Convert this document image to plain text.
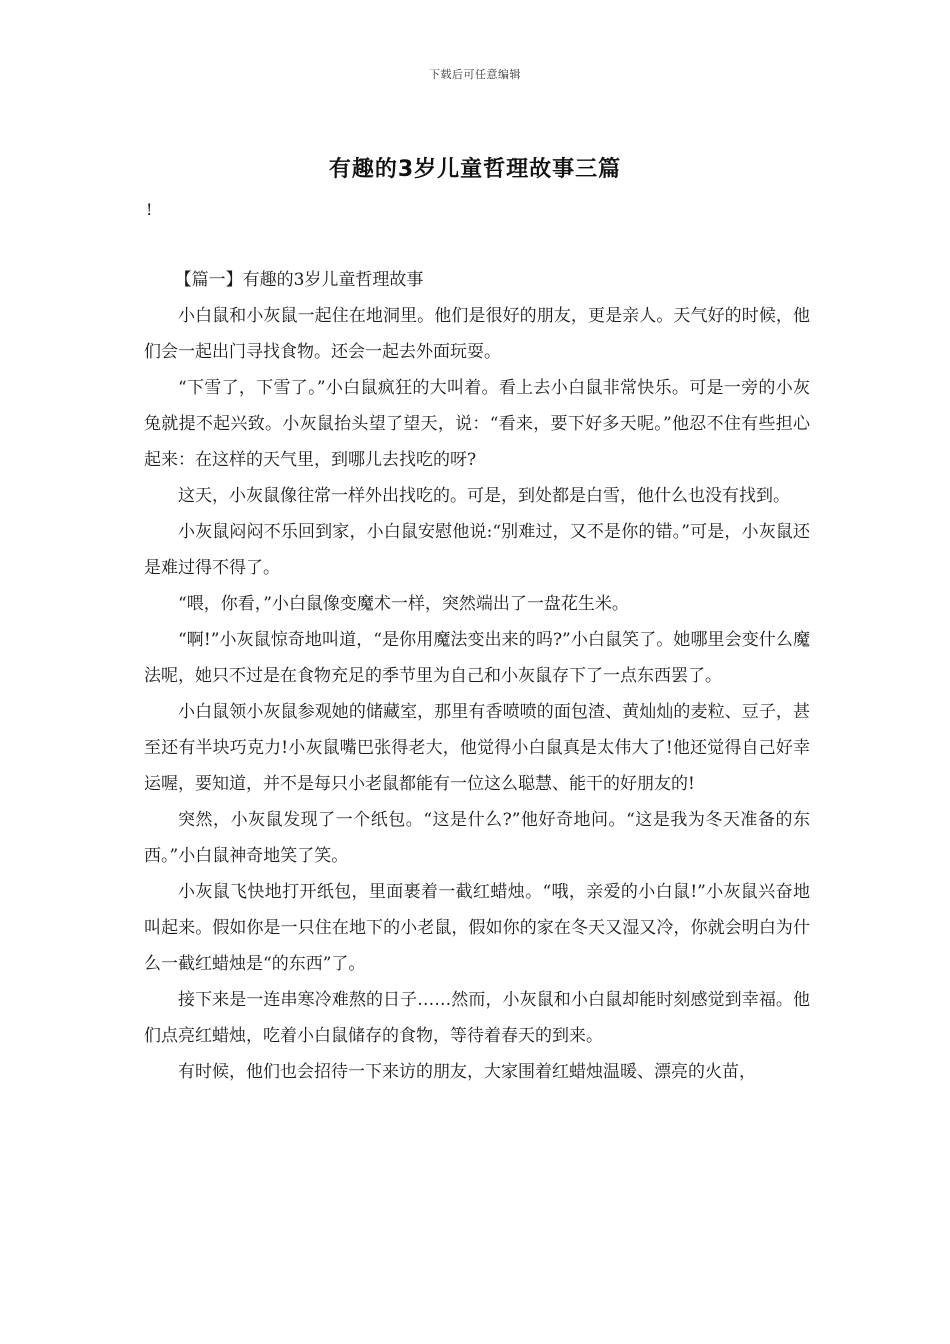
下载后可任意编辑
有趣的3岁儿童哲理故事三篇
!

【篇一】有趣的3岁儿童哲理故事

小白鼠和小灰鼠一起住在地洞里。他们是很好的朋友，更是亲人。天气好的时候，他们会一起出门寻找食物。还会一起去外面玩耍。

“下雪了，下雪了。”小白鼠疯狂的大叫着。看上去小白鼠非常快乐。可是一旁的小灰兔就提不起兴致。小灰鼠抬头望了望天，说：“看来，要下好多天呢。”他忍不住有些担心起来：在这样的天气里，到哪儿去找吃的呀?

这天，小灰鼠像往常一样外出找吃的。可是，到处都是白雪，他什么也没有找到。

小灰鼠闷闷不乐回到家，小白鼠安慰他说:“别难过，又不是你的错。”可是，小灰鼠还是难过得不得了。

“喂，你看，”小白鼠像变魔术一样，突然端出了一盘花生米。

“啊!”小灰鼠惊奇地叫道，“是你用魔法变出来的吗?”小白鼠笑了。她哪里会变什么魔法呢，她只不过是在食物充足的季节里为自己和小灰鼠存下了一点东西罢了。

小白鼠领小灰鼠参观她的储藏室，那里有香喷喷的面包渣、黄灿灿的麦粒、豆子，甚至还有半块巧克力!小灰鼠嘴巴张得老大，他觉得小白鼠真是太伟大了!他还觉得自己好幸运喔，要知道，并不是每只小老鼠都能有一位这么聪慧、能干的好朋友的!

突然，小灰鼠发现了一个纸包。“这是什么?”他好奇地问。“这是我为冬天准备的东西。”小白鼠神奇地笑了笑。

小灰鼠飞快地打开纸包，里面裹着一截红蜡烛。“哦，亲爱的小白鼠!”小灰鼠兴奋地叫起来。假如你是一只住在地下的小老鼠，假如你的家在冬天又湿又冷，你就会明白为什么一截红蜡烛是“的东西”了。

接下来是一连串寒冷难熬的日子……然而，小灰鼠和小白鼠却能时刻感觉到幸福。他们点亮红蜡烛，吃着小白鼠储存的食物，等待着春天的到来。

有时候，他们也会招待一下来访的朋友，大家围着红蜡烛温暖、漂亮的火苗，
